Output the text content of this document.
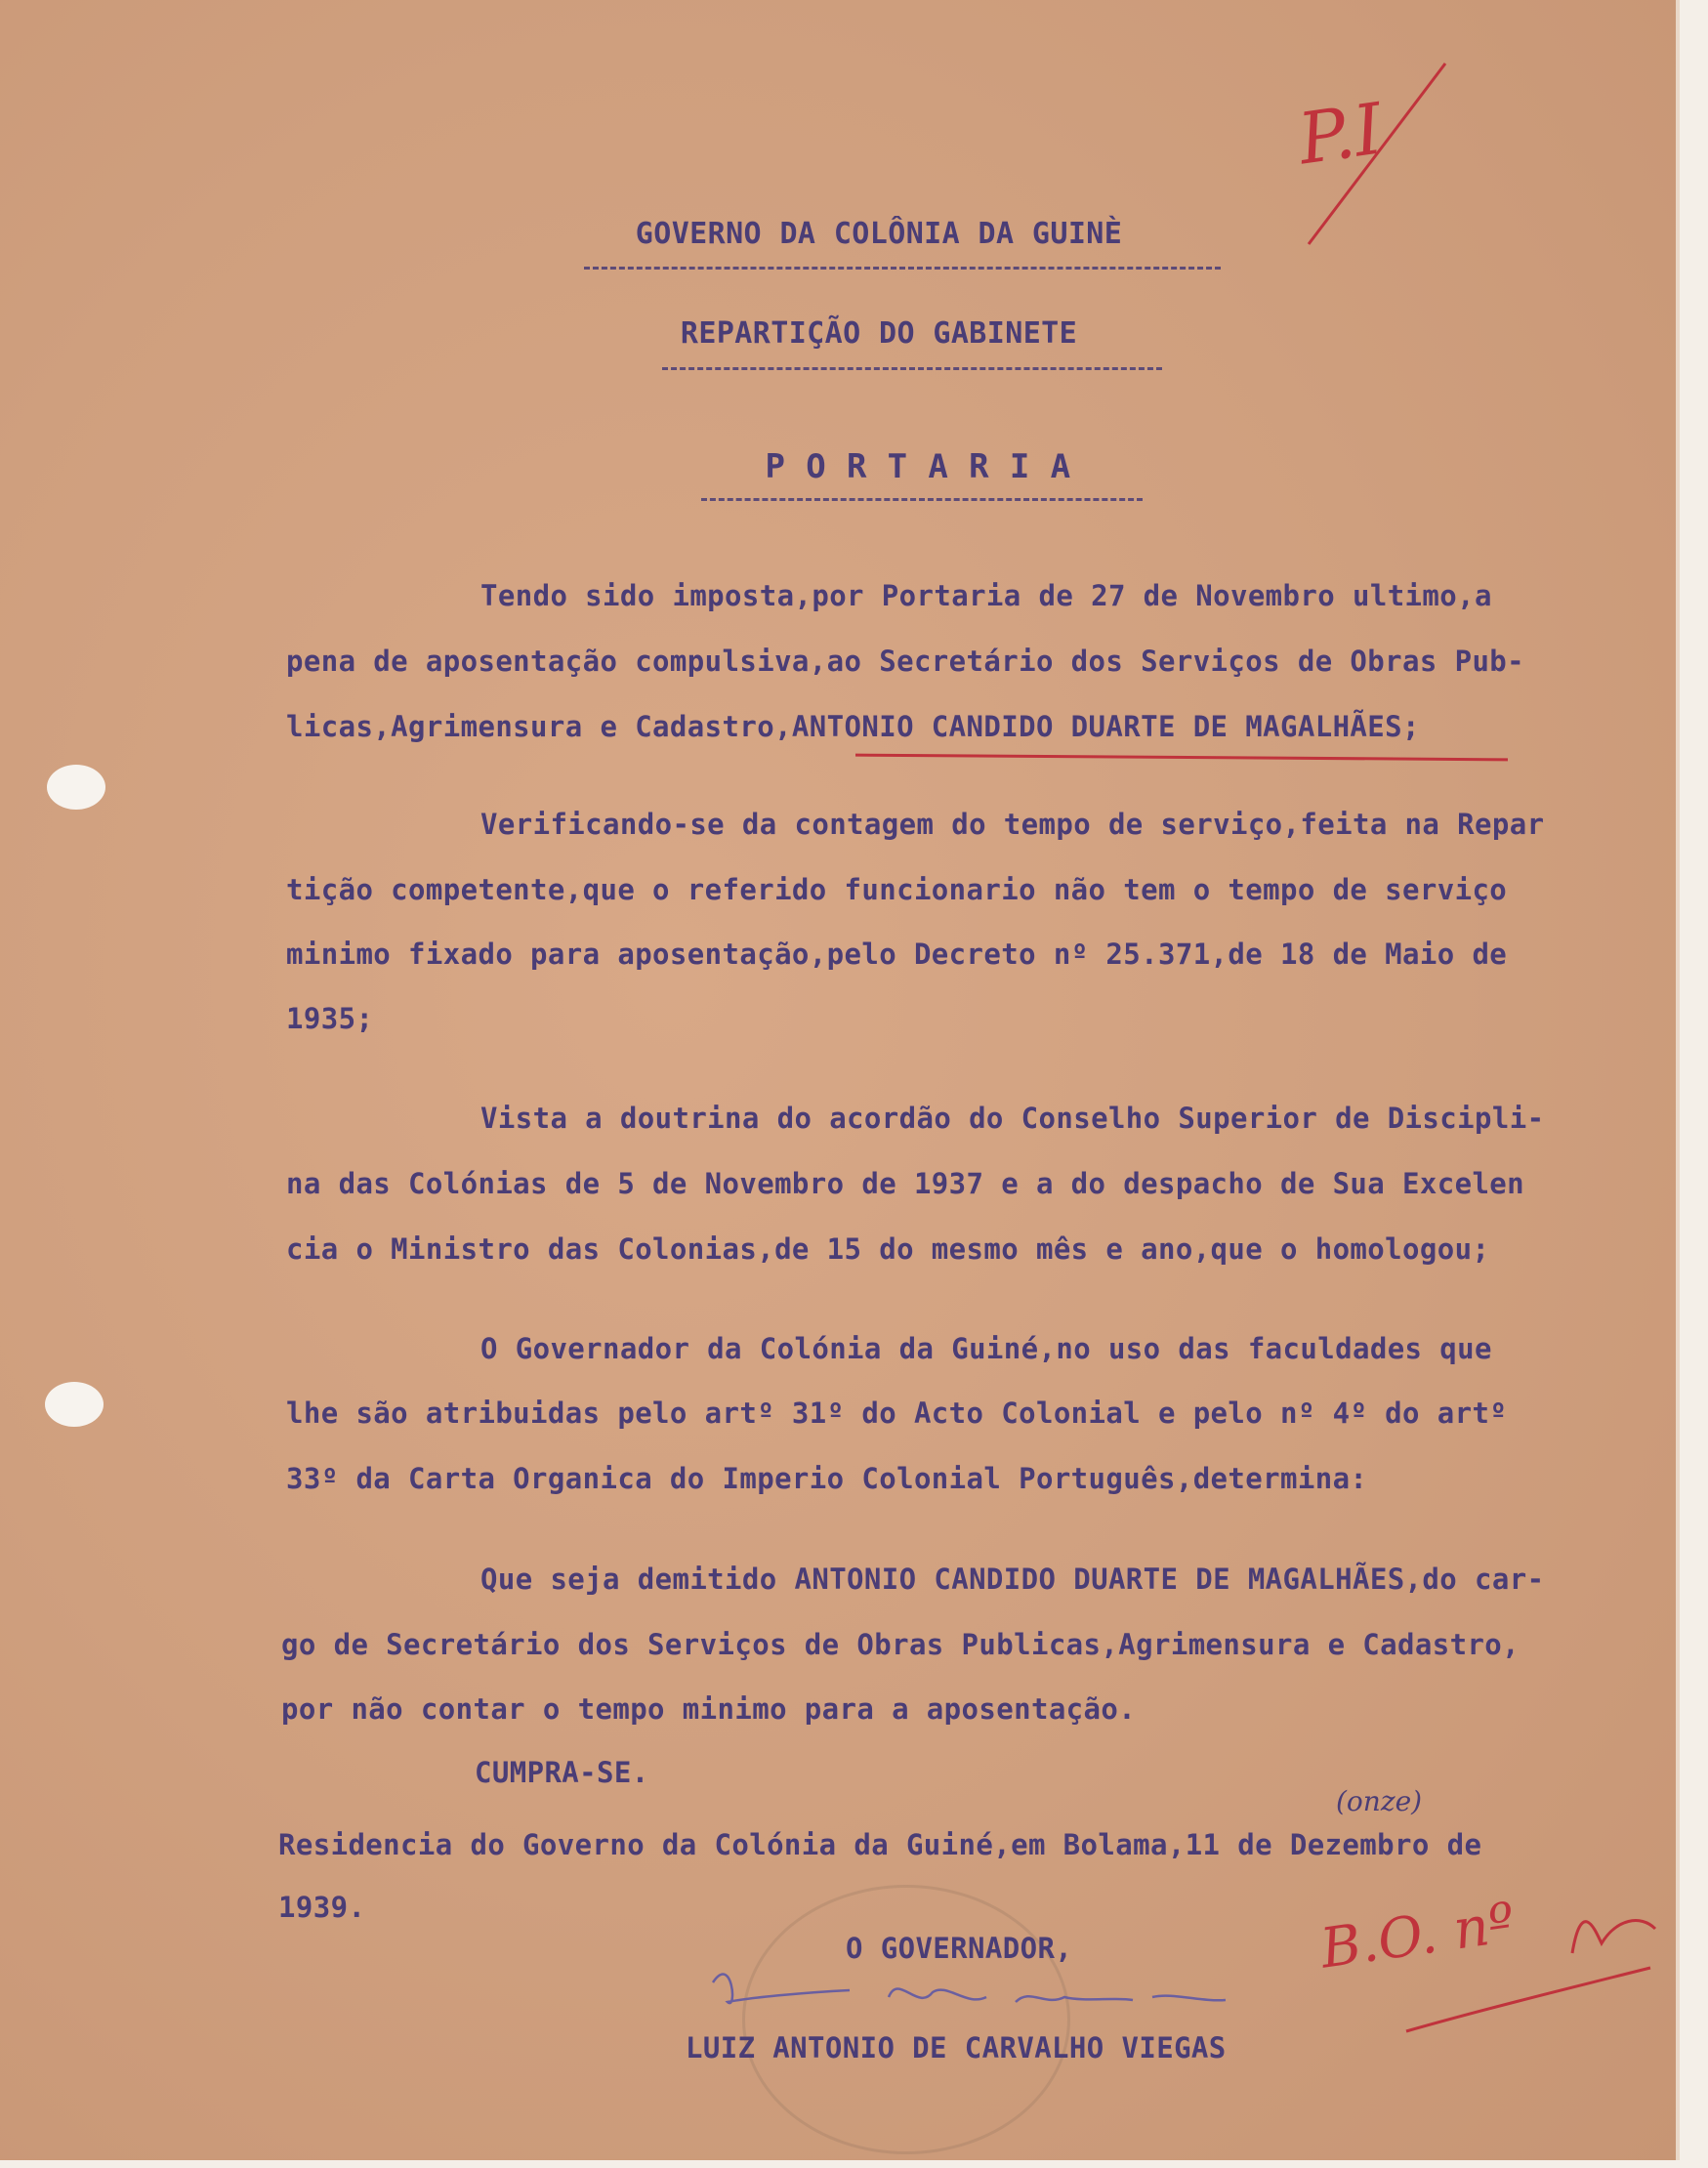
P.I
GOVERNO DA COLÔNIA DA GUINÈ
REPARTIÇÃO DO GABINETE
P O R T A R I A
Tendo sido imposta,por Portaria de 27 de Novembro ultimo,a
pena de aposentação compulsiva,ao Secretário dos Serviços de Obras Pub-
licas,Agrimensura e Cadastro,ANTONIO CANDIDO DUARTE DE MAGALHÃES;
Verificando-se da contagem do tempo de serviço,feita na Repar
tição competente,que o referido funcionario não tem o tempo de serviço
minimo fixado para aposentação,pelo Decreto nº 25.371,de 18 de Maio de
1935;
Vista a doutrina do acordão do Conselho Superior de Discipli-
na das Colónias de 5 de Novembro de 1937 e a do despacho de Sua Excelen
cia o Ministro das Colonias,de 15 do mesmo mês e ano,que o homologou;
O Governador da Colónia da Guiné,no uso das faculdades que
lhe são atribuidas pelo artº 31º do Acto Colonial e pelo nº 4º do artº
33º da Carta Organica do Imperio Colonial Português,determina:
Que seja demitido ANTONIO CANDIDO DUARTE DE MAGALHÃES,do car-
go de Secretário dos Serviços de Obras Publicas,Agrimensura e Cadastro,
por não contar o tempo minimo para a aposentação.
CUMPRA-SE.
(onze)
Residencia do Governo da Colónia da Guiné,em Bolama,11 de Dezembro de
1939.
O GOVERNADOR,
LUIZ ANTONIO DE CARVALHO VIEGAS
B.O. nº
